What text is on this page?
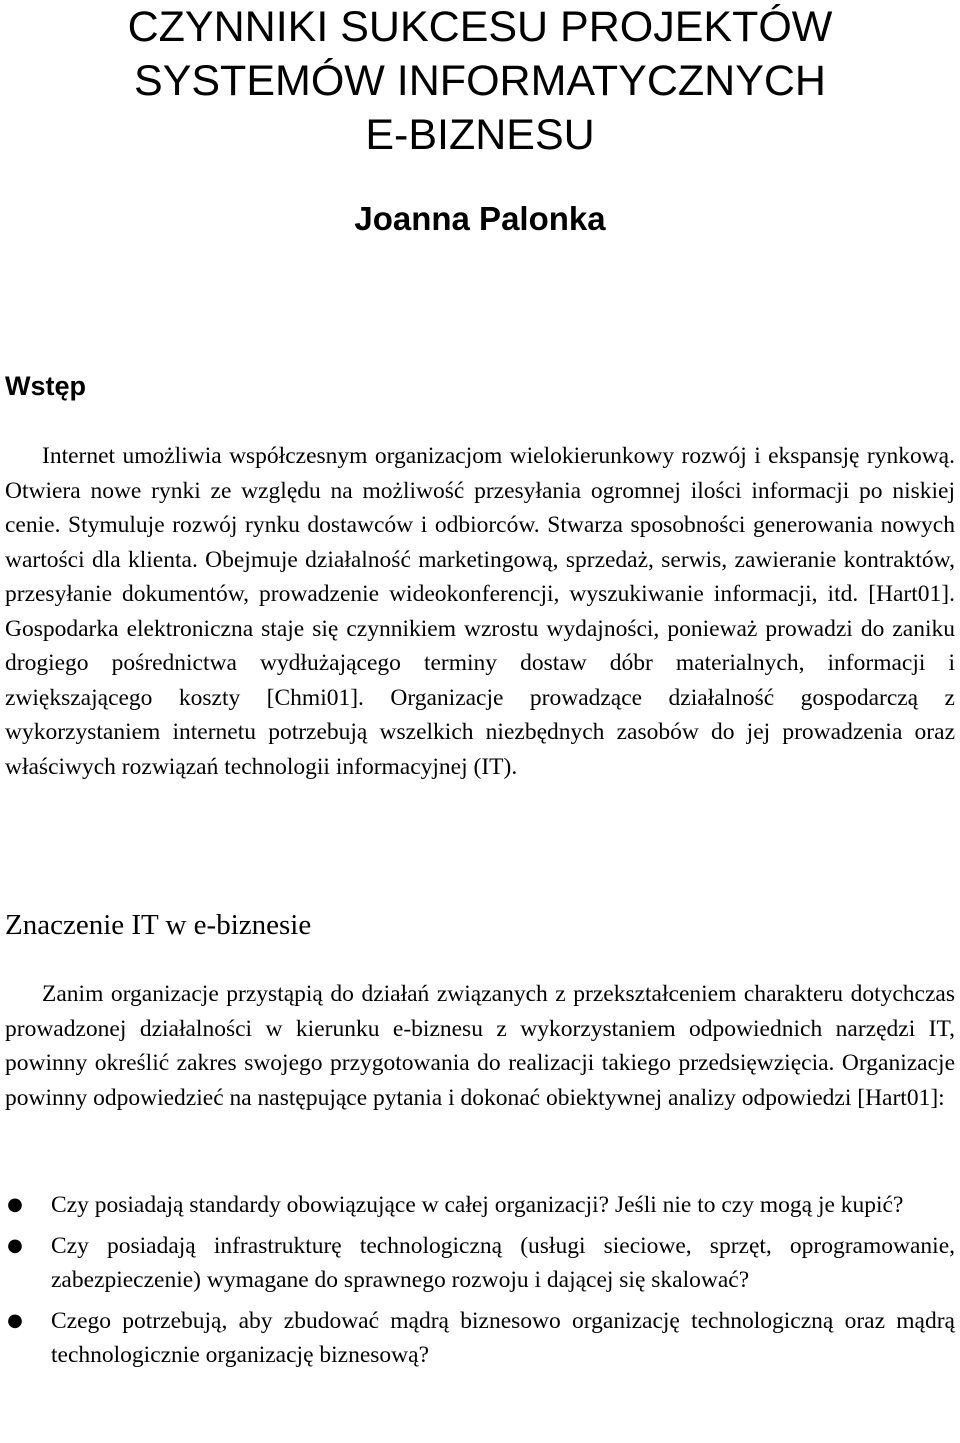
CZYNNIKI SUKCESU PROJEKTÓW
SYSTEMÓW INFORMATYCZNYCH
E-BIZNESU

Joanna Palonka

Wstęp

Internet umożliwia współczesnym organizacjom wielokierunkowy rozwój i ekspansję rynkową. Otwiera nowe rynki ze względu na możliwość przesyłania ogromnej ilości informacji po niskiej cenie. Stymuluje rozwój rynku dostawców i odbiorców. Stwarza sposobności generowania nowych wartości dla klienta. Obejmuje działalność marketingową, sprzedaż, serwis, zawieranie kontraktów, przesyłanie dokumentów, prowadzenie wideokonferencji, wyszukiwanie informacji, itd. [Hart01]. Gospodarka elektroniczna staje się czynnikiem wzrostu wydajności, ponieważ prowadzi do zaniku drogiego pośrednictwa wydłużającego terminy dostaw dóbr materialnych, informacji i zwiększającego koszty [Chmi01]. Organizacje prowadzące działalność gospodarczą z wykorzystaniem internetu potrzebują wszelkich niezbędnych zasobów do jej prowadzenia oraz właściwych rozwiązań technologii informacyjnej (IT).

Znaczenie IT w e-biznesie

Zanim organizacje przystąpią do działań związanych z przekształceniem charakteru dotychczas prowadzonej działalności w kierunku e-biznesu z wykorzystaniem odpowiednich narzędzi IT, powinny określić zakres swojego przygotowania do realizacji takiego przedsięwzięcia. Organizacje powinny odpowiedzieć na następujące pytania i dokonać obiektywnej analizy odpowiedzi [Hart01]:

● Czy posiadają standardy obowiązujące w całej organizacji? Jeśli nie to czy mogą je kupić?
● Czy posiadają infrastrukturę technologiczną (usługi sieciowe, sprzęt, oprogramowanie, zabezpieczenie) wymagane do sprawnego rozwoju i dającej się skalować?
● Czego potrzebują, aby zbudować mądrą biznesowo organizację technologiczną oraz mądrą technologicznie organizację biznesową?
